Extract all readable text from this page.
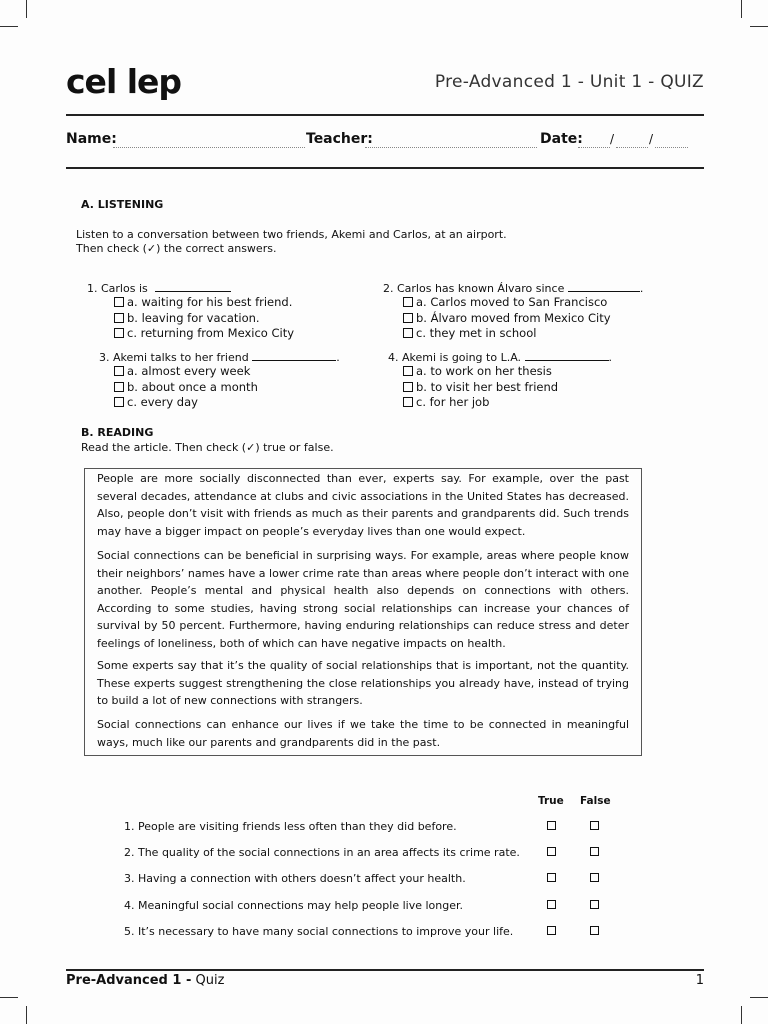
cel lep	Pre-Advanced 1 - Unit 1 - QUIZ
Name:	Teacher:	Date: /	/
A. LISTENING
Listen to a conversation between two friends, Akemi and Carlos, at an airport.
Then check (✓) the correct answers.
1. Carlos is
a. waiting for his best friend.
b. leaving for vacation.
c. returning from Mexico City
2. Carlos has known Álvaro since	.
a. Carlos moved to San Francisco
b. Álvaro moved from Mexico City
c. they met in school
3. Akemi talks to her friend	.
a. almost every week
b. about once a month
c. every day
4. Akemi is going to L.A.	.
a. to work on her thesis
b. to visit her best friend
c. for her job
B. READING
Read the article. Then check (✓) true or false.
People are more socially disconnected than ever, experts say. For example, over the past several decades, attendance at clubs and civic associations in the United States has decreased. Also, people don’t visit with friends as much as their parents and grandparents did. Such trends may have a bigger impact on people’s everyday lives than one would expect.
Social connections can be beneficial in surprising ways. For example, areas where people know their neighbors’ names have a lower crime rate than areas where people don’t interact with one another. People’s mental and physical health also depends on connections with others. According to some studies, having strong social relationships can increase your chances of survival by 50 percent. Furthermore, having enduring relationships can reduce stress and deter feelings of loneliness, both of which can have negative impacts on health.
Some experts say that it’s the quality of social relationships that is important, not the quantity. These experts suggest strengthening the close relationships you already have, instead of trying to build a lot of new connections with strangers.
Social connections can enhance our lives if we take the time to be connected in meaningful ways, much like our parents and grandparents did in the past.
True False
1. People are visiting friends less often than they did before.
2. The quality of the social connections in an area affects its crime rate.
3. Having a connection with others doesn’t affect your health.
4. Meaningful social connections may help people live longer.
5. It’s necessary to have many social connections to improve your life.
Pre-Advanced 1 - Quiz	1
